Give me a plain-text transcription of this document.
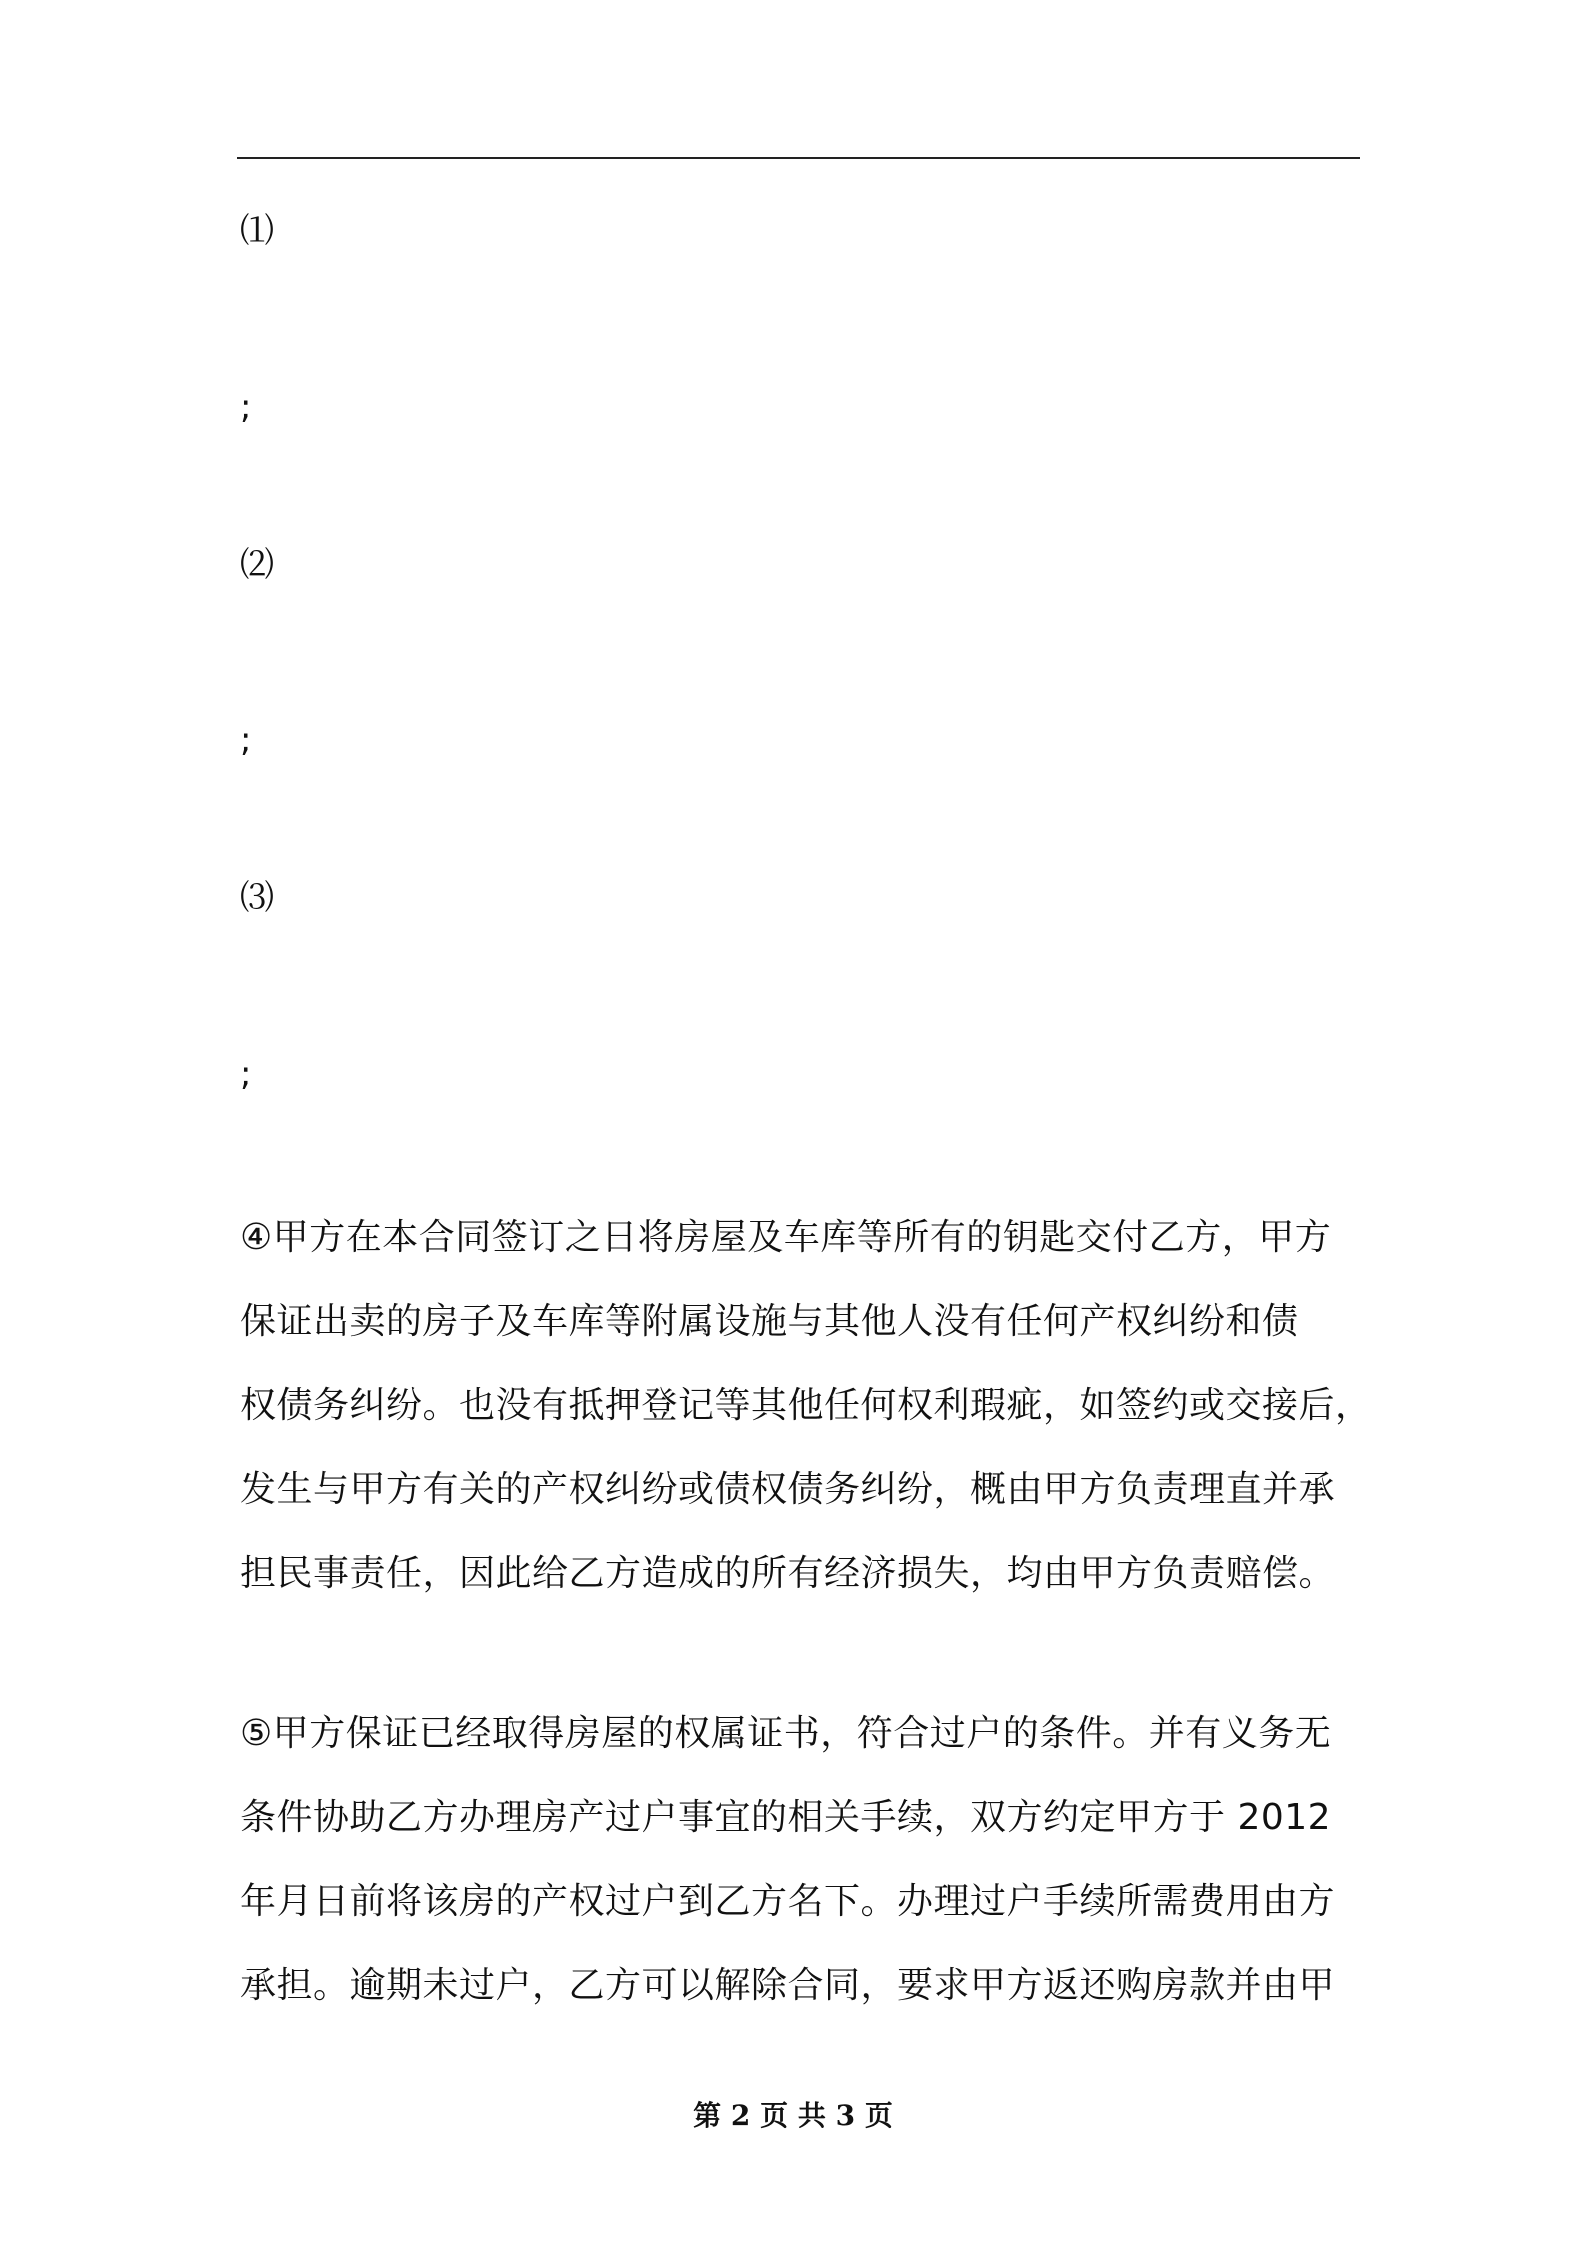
⑴
;
⑵
;
⑶
;
④甲方在本合同签订之日将房屋及车库等所有的钥匙交付乙方，甲方
保证出卖的房子及车库等附属设施与其他人没有任何产权纠纷和债
权债务纠纷。也没有抵押登记等其他任何权利瑕疵，如签约或交接后，
发生与甲方有关的产权纠纷或债权债务纠纷，概由甲方负责理直并承
担民事责任，因此给乙方造成的所有经济损失，均由甲方负责赔偿。
⑤甲方保证已经取得房屋的权属证书，符合过户的条件。并有义务无
条件协助乙方办理房产过户事宜的相关手续，双方约定甲方于 2012
年月日前将该房的产权过户到乙方名下。办理过户手续所需费用由方
承担。逾期未过户，乙方可以解除合同，要求甲方返还购房款并由甲
第 2 页 共 3 页
